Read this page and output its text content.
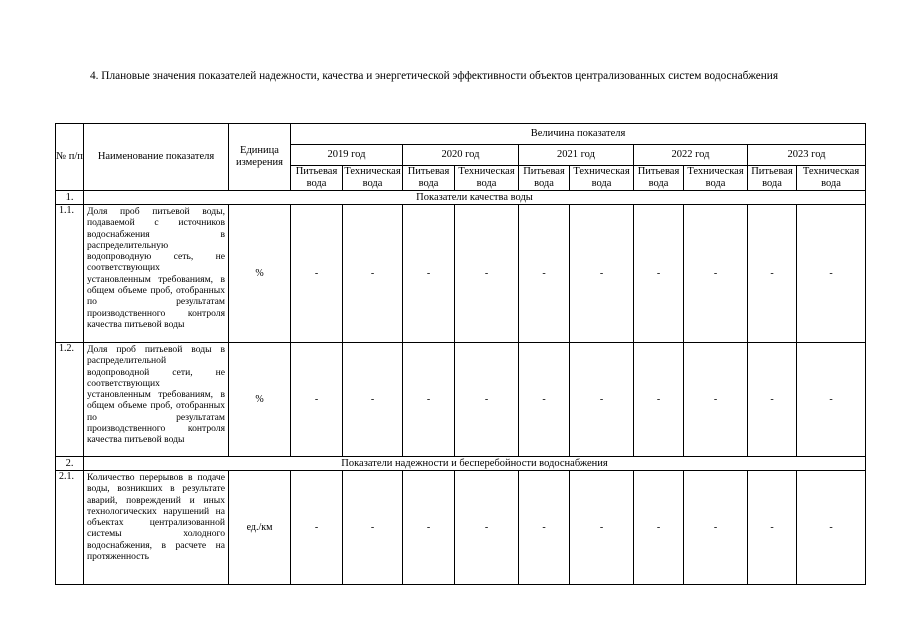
4. Плановые значения показателей надежности, качества и энергетической эффективности объектов централизованных систем водоснабжения
№ п/п	Наименование показателя	Единица измерения	Величина показателя									
			2019 год		2020 год		2021 год		2022 год		2023 год	
			Питьевая вода	Техническая вода	Питьевая вода	Техническая вода	Питьевая вода	Техническая вода	Питьевая вода	Техническая вода	Питьевая вода	Техническая вода
1.	Показатели качества воды											
1.1.	Доля проб питьевой воды, подаваемой с источников водоснабжения в распределительную водопроводную сеть, не соответствующих установленным требованиям, в общем объеме проб, отобранных по результатам производственного контроля качества питьевой воды	%	-	-	-	-	-	-	-	-	-	-
1.2.	Доля проб питьевой воды в распределительной водопроводной сети, не соответствующих установленным требованиям, в общем объеме проб, отобранных по результатам производственного контроля качества питьевой воды	%	-	-	-	-	-	-	-	-	-	-
2.	Показатели надежности и бесперебойности водоснабжения											
2.1.	Количество перерывов в подаче воды, возникших в результате аварий, повреждений и иных технологических нарушений на объектах централизованной системы холодного водоснабжения, в расчете на протяженность	ед./км	-	-	-	-	-	-	-	-	-	-
